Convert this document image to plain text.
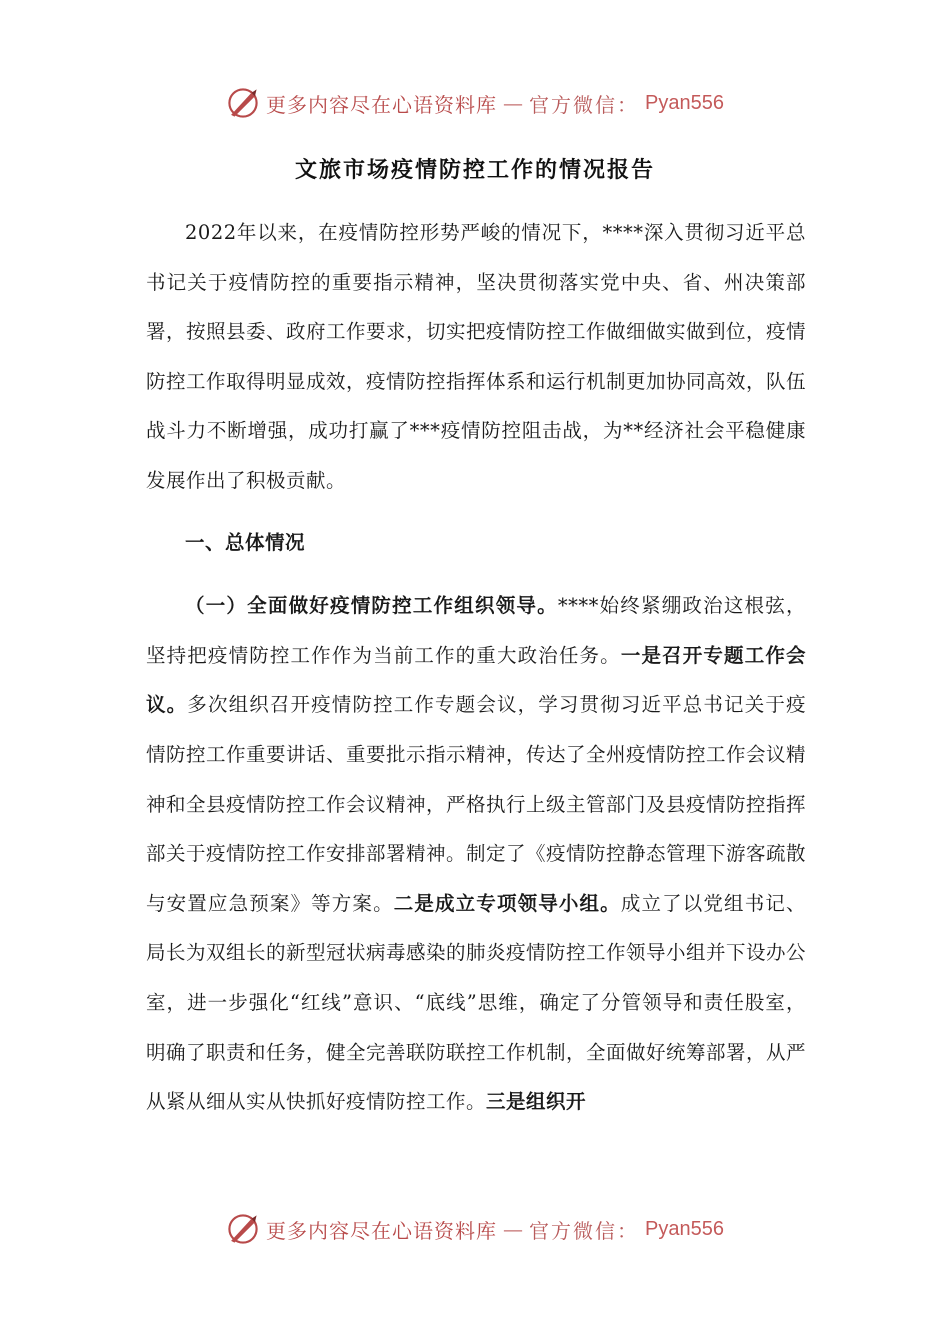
更多内容尽在心语资料库 — 官方微信： Pyan556
文旅市场疫情防控工作的情况报告

2022年以来，在疫情防控形势严峻的情况下，****深入贯彻习近平总书记关于疫情防控的重要指示精神，坚决贯彻落实党中央、省、州决策部署，按照县委、政府工作要求，切实把疫情防控工作做细做实做到位，疫情防控工作取得明显成效，疫情防控指挥体系和运行机制更加协同高效，队伍战斗力不断增强，成功打赢了***疫情防控阻击战，为**经济社会平稳健康发展作出了积极贡献。

一、总体情况

（一）全面做好疫情防控工作组织领导。****始终紧绷政治这根弦，坚持把疫情防控工作作为当前工作的重大政治任务。一是召开专题工作会议。多次组织召开疫情防控工作专题会议，学习贯彻习近平总书记关于疫情防控工作重要讲话、重要批示指示精神，传达了全州疫情防控工作会议精神和全县疫情防控工作会议精神，严格执行上级主管部门及县疫情防控指挥部关于疫情防控工作安排部署精神。制定了《疫情防控静态管理下游客疏散与安置应急预案》等方案。二是成立专项领导小组。成立了以党组书记、局长为双组长的新型冠状病毒感染的肺炎疫情防控工作领导小组并下设办公室，进一步强化“红线”意识、“底线”思维，确定了分管领导和责任股室，明确了职责和任务，健全完善联防联控工作机制，全面做好统筹部署，从严从紧从细从实从快抓好疫情防控工作。三是组织开

更多内容尽在心语资料库 — 官方微信： Pyan556
